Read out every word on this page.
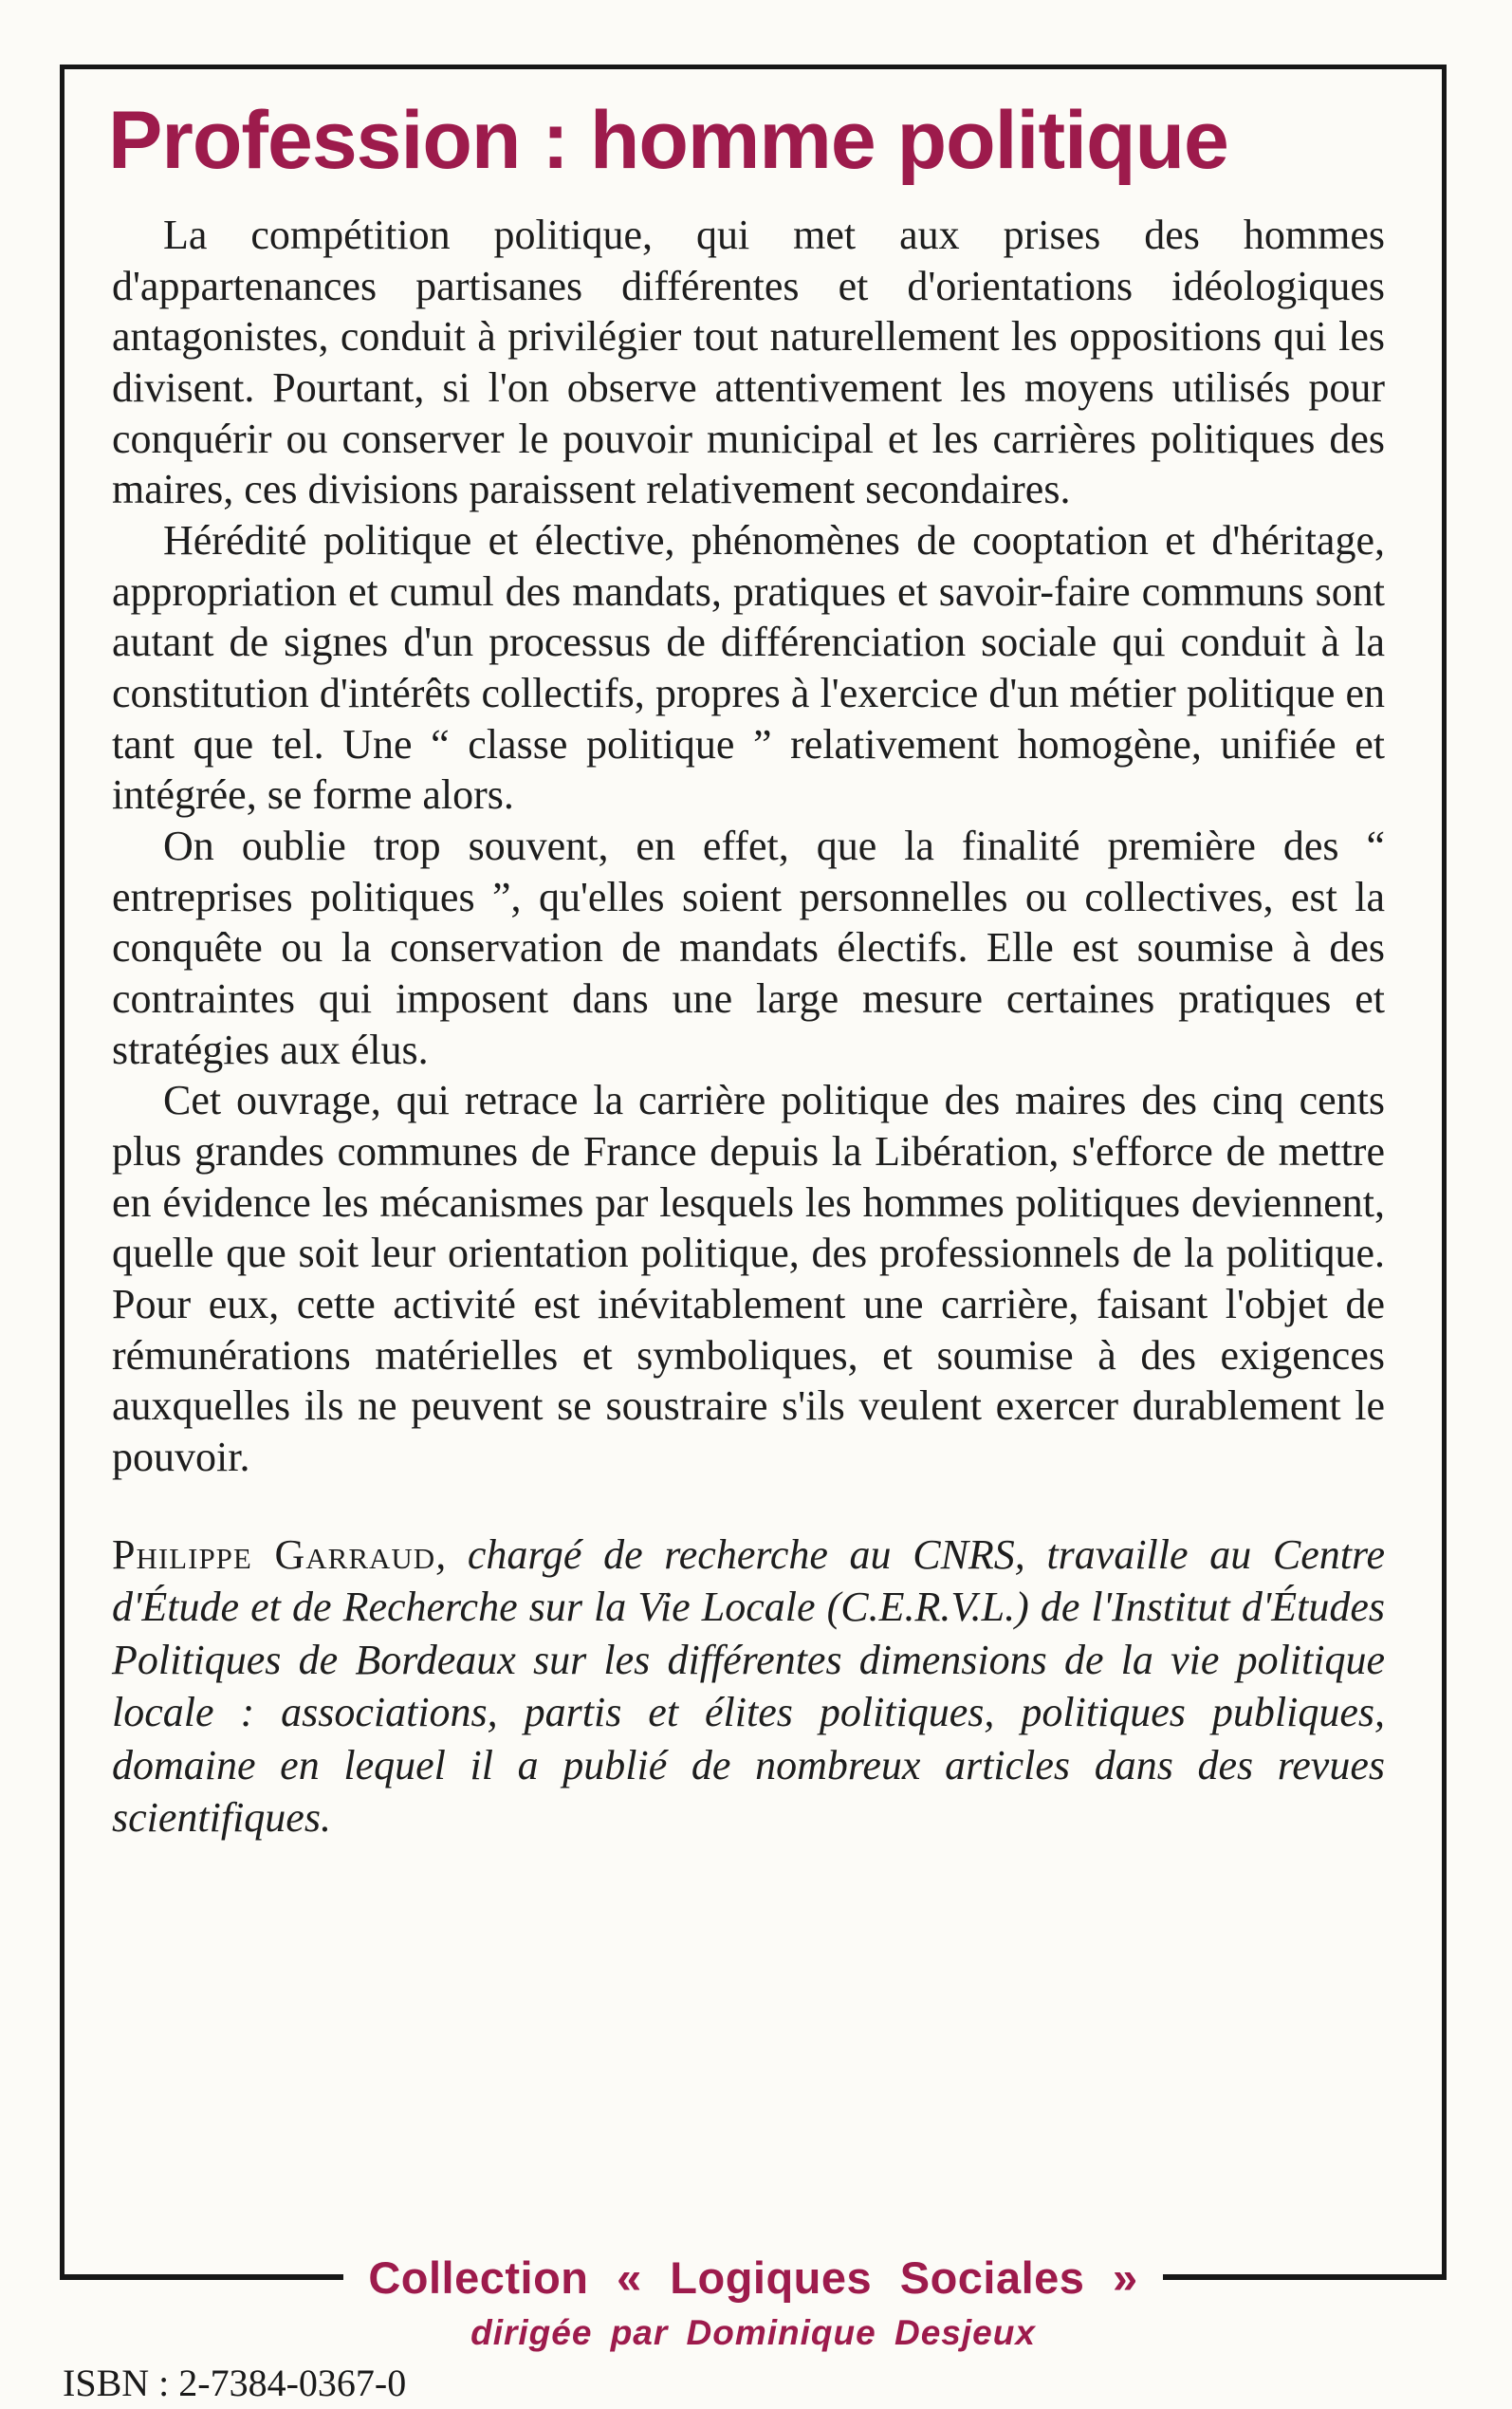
Profession : homme politique

La compétition politique, qui met aux prises des hommes d'appartenances partisanes différentes et d'orientations idéologiques antagonistes, conduit à privilégier tout naturellement les oppositions qui les divisent. Pourtant, si l'on observe attentivement les moyens utilisés pour conquérir ou conserver le pouvoir municipal et les carrières politiques des maires, ces divisions paraissent relativement secondaires.

Hérédité politique et élective, phénomènes de cooptation et d'héritage, appropriation et cumul des mandats, pratiques et savoir-faire communs sont autant de signes d'un processus de différenciation sociale qui conduit à la constitution d'intérêts collectifs, propres à l'exercice d'un métier politique en tant que tel. Une “ classe politique ” relativement homogène, unifiée et intégrée, se forme alors.

On oublie trop souvent, en effet, que la finalité première des “ entreprises politiques ”, qu'elles soient personnelles ou collectives, est la conquête ou la conservation de mandats électifs. Elle est soumise à des contraintes qui imposent dans une large mesure certaines pratiques et stratégies aux élus.

Cet ouvrage, qui retrace la carrière politique des maires des cinq cents plus grandes communes de France depuis la Libération, s'efforce de mettre en évidence les mécanismes par lesquels les hommes politiques deviennent, quelle que soit leur orientation politique, des professionnels de la politique. Pour eux, cette activité est inévitablement une carrière, faisant l'objet de rémunérations matérielles et symboliques, et soumise à des exigences auxquelles ils ne peuvent se soustraire s'ils veulent exercer durablement le pouvoir.

Philippe Garraud, chargé de recherche au CNRS, travaille au Centre d'Étude et de Recherche sur la Vie Locale (C.E.R.V.L.) de l'Institut d'Études Politiques de Bordeaux sur les différentes dimensions de la vie politique locale : associations, partis et élites politiques, politiques publiques, domaine en lequel il a publié de nombreux articles dans des revues scientifiques.
Collection « Logiques Sociales »
dirigée par Dominique Desjeux
ISBN : 2-7384-0367-0
